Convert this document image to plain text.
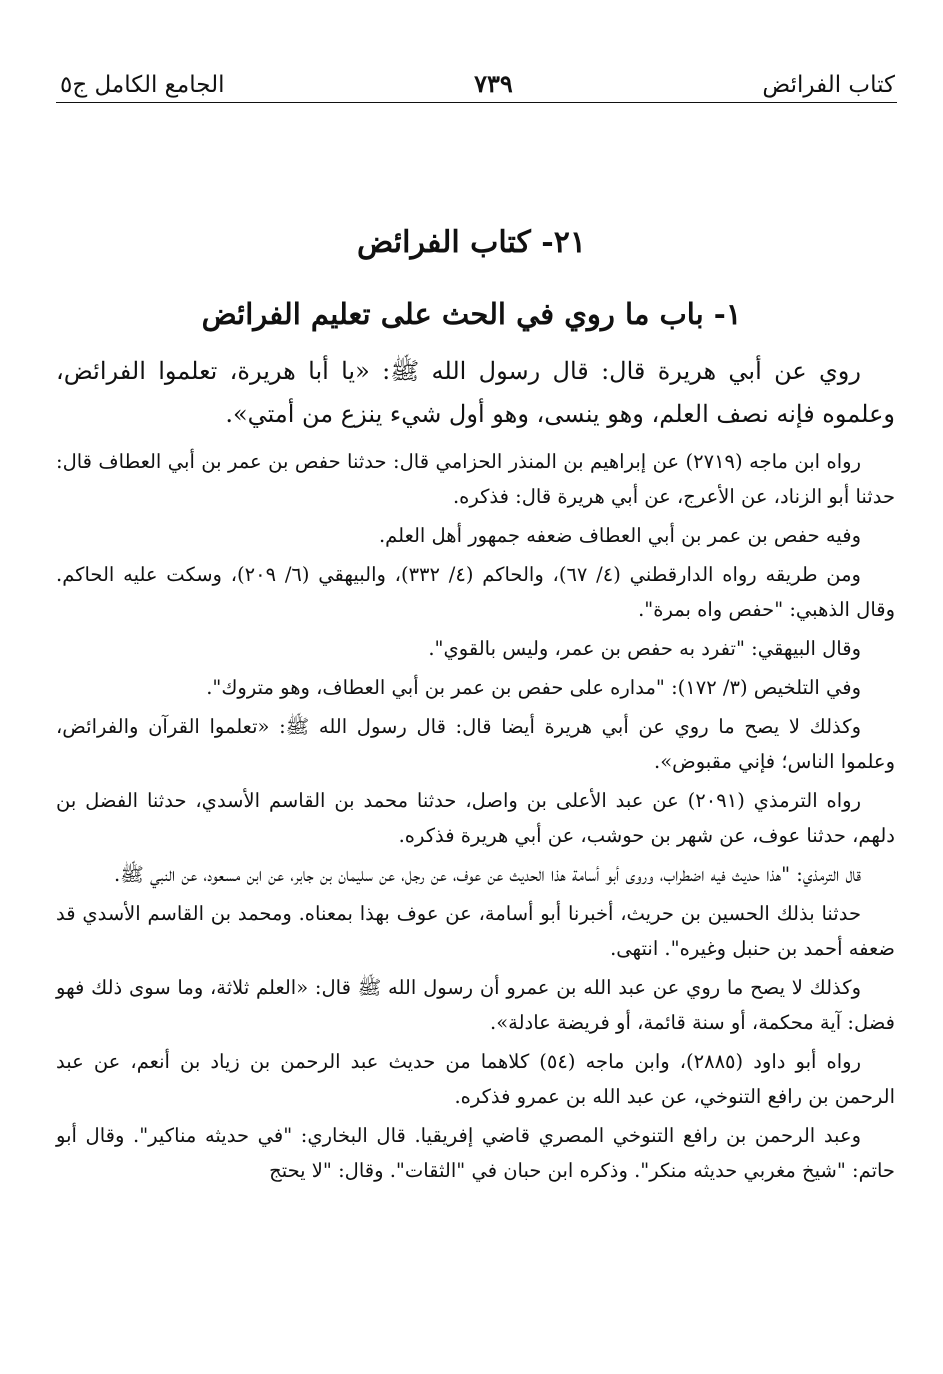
الجامع الكامل ج٥	٧٣٩	كتاب الفرائض
٢١- كتاب الفرائض
١- باب ما روي في الحث على تعليم الفرائض

روي عن أبي هريرة قال: قال رسول الله ﷺ: «يا أبا هريرة، تعلموا الفرائض، وعلموه فإنه نصف العلم، وهو ينسى، وهو أول شيء ينزع من أمتي».

رواه ابن ماجه (٢٧١٩) عن إبراهيم بن المنذر الحزامي قال: حدثنا حفص بن عمر بن أبي العطاف قال: حدثنا أبو الزناد، عن الأعرج، عن أبي هريرة قال: فذكره.

وفيه حفص بن عمر بن أبي العطاف ضعفه جمهور أهل العلم.

ومن طريقه رواه الدارقطني (٤/ ٦٧)، والحاكم (٤/ ٣٣٢)، والبيهقي (٦/ ٢٠٩)، وسكت عليه الحاكم. وقال الذهبي: "حفص واه بمرة".

وقال البيهقي: "تفرد به حفص بن عمر، وليس بالقوي".

وفي التلخيص (٣/ ١٧٢): "مداره على حفص بن عمر بن أبي العطاف، وهو متروك".

وكذلك لا يصح ما روي عن أبي هريرة أيضا قال: قال رسول الله ﷺ: «تعلموا القرآن والفرائض، وعلموا الناس؛ فإني مقبوض».

رواه الترمذي (٢٠٩١) عن عبد الأعلى بن واصل، حدثنا محمد بن القاسم الأسدي، حدثنا الفضل بن دلهم، حدثنا عوف، عن شهر بن حوشب، عن أبي هريرة فذكره.

قال الترمذي: "هذا حديث فيه اضطراب، وروى أبو أسامة هذا الحديث عن عوف، عن رجل، عن سليمان بن جابر، عن ابن مسعود، عن النبي ﷺ.

حدثنا بذلك الحسين بن حريث، أخبرنا أبو أسامة، عن عوف بهذا بمعناه. ومحمد بن القاسم الأسدي قد ضعفه أحمد بن حنبل وغيره". انتهى.

وكذلك لا يصح ما روي عن عبد الله بن عمرو أن رسول الله ﷺ قال: «العلم ثلاثة، وما سوى ذلك فهو فضل: آية محكمة، أو سنة قائمة، أو فريضة عادلة».

رواه أبو داود (٢٨٨٥)، وابن ماجه (٥٤) كلاهما من حديث عبد الرحمن بن زياد بن أنعم، عن عبد الرحمن بن رافع التنوخي، عن عبد الله بن عمرو فذكره.

وعبد الرحمن بن رافع التنوخي المصري قاضي إفريقيا. قال البخاري: "في حديثه مناكير". وقال أبو حاتم: "شيخ مغربي حديثه منكر". وذكره ابن حبان في "الثقات". وقال: "لا يحتج
